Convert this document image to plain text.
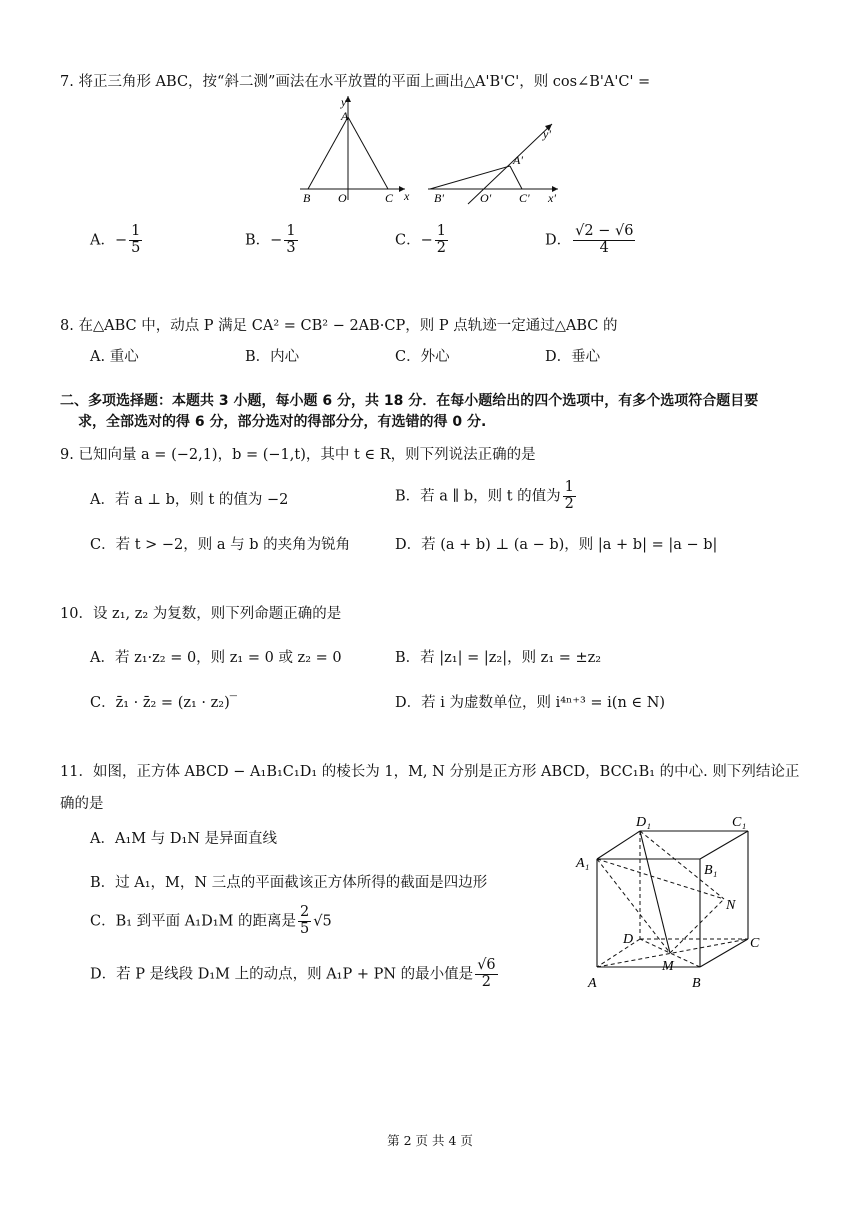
7. 将正三角形 ABC，按“斜二测”画法在水平放置的平面上画出△A'B'C'，则 cos∠B'A'C' =
y
A
B O	C x
y'
A'
B'	O' C' x'
A．− $\frac{1}{5}$	B．− $\frac{1}{3}$	C．− $\frac{1}{2}$	D． $\frac{√2 - √6}{4}$
8. 在△ABC 中，动点 P 满足 CA² = CB² − 2AB·CP，则 P 点轨迹一定通过△ABC 的
A. 重心	B．内心	C．外心	D．垂心
二、多项选择题：本题共 3 小题，每小题 6 分，共 18 分．在每小题给出的四个选项中，有多个选项符合题目要
求，全部选对的得 6 分，部分选对的得部分分，有选错的得 0 分.
9. 已知向量 a = (−2,1)，b = (−1,t)，其中 t ∈ R，则下列说法正确的是
A．若 a ⊥ b，则 t 的值为 −2	B．若 a ∥ b，则 t 的值为 $\frac{1}{2}$
C．若 t > −2，则 a 与 b 的夹角为锐角	D．若 (a + b) ⊥ (a − b)，则 |a + b| = |a − b|
10．设 z₁, z₂ 为复数，则下列命题正确的是
A．若 z₁·z₂ = 0，则 z₁ = 0 或 z₂ = 0	B．若 |z₁| = |z₂|，则 z₁ = ±z₂
C．z̄₁ · z̄₂ = (z₁ · z₂)‾	D．若 i 为虚数单位，则 i⁴ⁿ⁺³ = i(n ∈ N)
11．如图，正方体 ABCD − A₁B₁C₁D₁ 的棱长为 1，M, N 分别是正方形 ABCD，BCC₁B₁ 的中心. 则下列结论正
确的是
A．A₁M 与 D₁N 是异面直线
B．过 A₁，M，N 三点的平面截该正方体所得的截面是四边形
C．B₁ 到平面 A₁D₁M 的距离是 $\frac{2}{5} √5$
D．若 P 是线段 D₁M 上的动点，则 A₁P + PN 的最小值是 $\frac{√6}{2}$
D₁	C₁
A₁	B₁
N
D	C
M
A	B
第 2 页 共 4 页
